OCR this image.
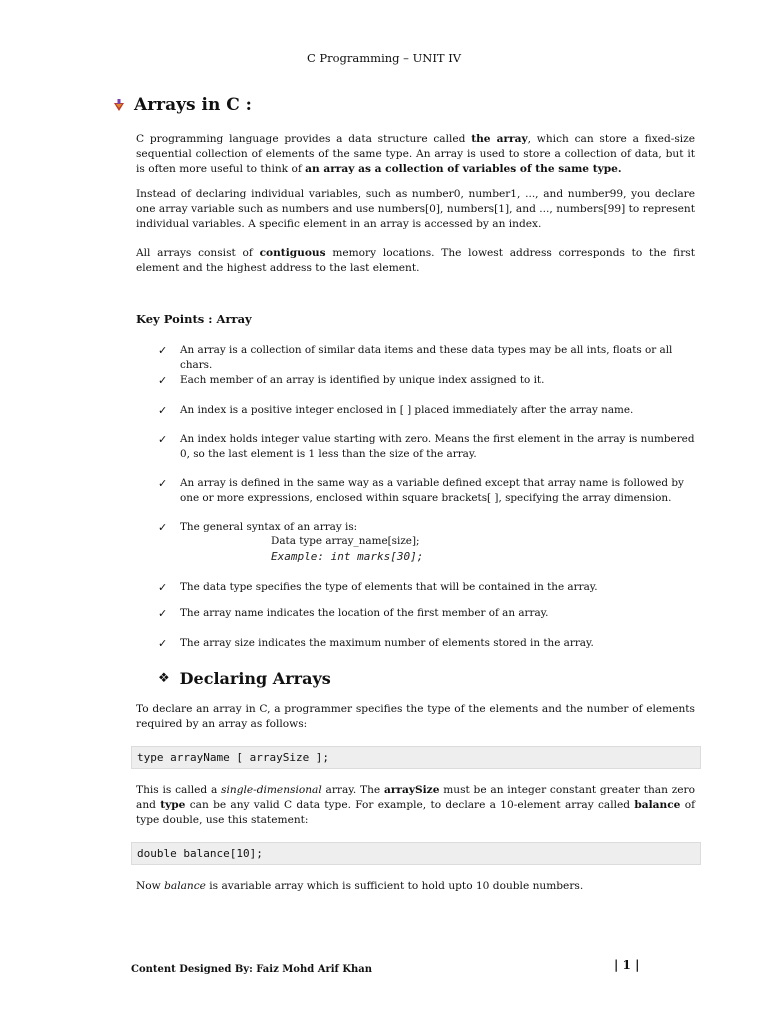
C Programming – UNIT IV
Arrays in C :
C programming language provides a data structure called the array, which can store a fixed-size sequential collection of elements of the same type. An array is used to store a collection of data, but it is often more useful to think of an array as a collection of variables of the same type.
Instead of declaring individual variables, such as number0, number1, ..., and number99, you declare one array variable such as numbers and use numbers[0], numbers[1], and ..., numbers[99] to represent individual variables. A specific element in an array is accessed by an index.
All arrays consist of contiguous memory locations. The lowest address corresponds to the first element and the highest address to the last element.
Key Points : Array
✓	An array is a collection of similar data items and these data types may be all ints, floats or all chars.
✓	Each member of an array is identified by unique index assigned to it.
✓	An index is a positive integer enclosed in [ ] placed immediately after the array name.
✓	An index holds integer value starting with zero. Means the first element in the array is numbered 0, so the last element is 1 less than the size of the array.
✓	An array is defined in the same way as a variable defined except that array name is followed by one or more expressions, enclosed within square brackets[ ], specifying the array dimension.
✓	The general syntax of an array is:
Data type array_name[size];
Example: int marks[30];
✓	The data type specifies the type of elements that will be contained in the array.
✓	The array name indicates the location of the first member of an array.
✓	The array size indicates the maximum number of elements stored in the array.
❖ Declaring Arrays
To declare an array in C, a programmer specifies the type of the elements and the number of elements required by an array as follows:
type arrayName [ arraySize ];
This is called a single-dimensional array. The arraySize must be an integer constant greater than zero and type can be any valid C data type. For example, to declare a 10-element array called balance of type double, use this statement:
double balance[10];
Now balance is avariable array which is sufficient to hold upto 10 double numbers.
Content Designed By: Faiz Mohd Arif Khan	| 1 |
